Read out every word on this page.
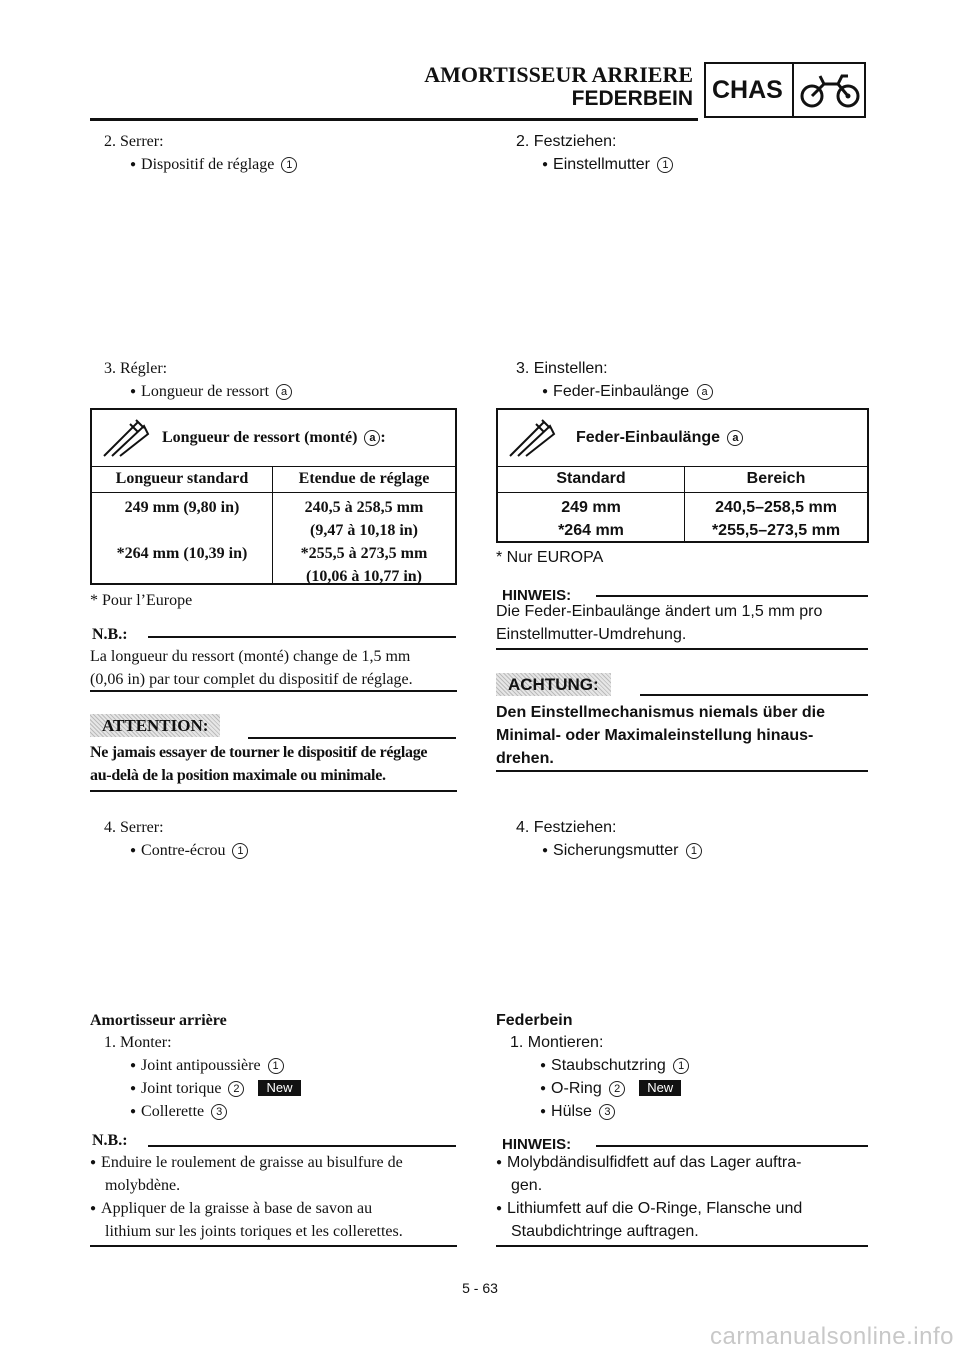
AMORTISSEUR ARRIERE
FEDERBEIN CHAS
2. Serrer:
● Dispositif de réglage 1
3. Régler:
● Longueur de ressort a
Longueur de ressort (monté) a :
Longueur standard	Etendue de réglage
249 mm (9,80 in)
*264 mm (10,39 in)
240,5 à 258,5 mm
(9,47 à 10,18 in)
*255,5 à 273,5 mm
(10,06 à 10,77 in)
* Pour l’Europe
N.B.:
La longueur du ressort (monté) change de 1,5 mm
(0,06 in) par tour complet du dispositif de réglage.
ATTENTION:
Ne jamais essayer de tourner le dispositif de réglage
au-delà de la position maximale ou minimale.
4. Serrer:
● Contre-écrou 1
Amortisseur arrière
1. Monter:
● Joint antipoussière 1
● Joint torique 2 New
● Collerette 3
N.B.:
● Enduire le roulement de graisse au bisulfure de
molybdène.
● Appliquer de la graisse à base de savon au
lithium sur les joints toriques et les collerettes.
2. Festziehen:
● Einstellmutter 1
3. Einstellen:
● Feder-Einbaulänge a
Feder-Einbaulänge a
Standard	Bereich
249 mm
*264 mm
240,5–258,5 mm
*255,5–273,5 mm
* Nur EUROPA
HINWEIS:
Die Feder-Einbaulänge ändert um 1,5 mm pro
Einstellmutter-Umdrehung.
ACHTUNG:
Den Einstellmechanismus niemals über die
Minimal- oder Maximaleinstellung hinaus-
drehen.
4. Festziehen:
● Sicherungsmutter 1
Federbein
1. Montieren:
● Staubschutzring 1
● O-Ring 2 New
● Hülse 3
HINWEIS:
● Molybdändisulfidfett auf das Lager auftra-
gen.
● Lithiumfett auf die O-Ringe, Flansche und
Staubdichtringe auftragen.
5 - 63
carmanualsonline.info
